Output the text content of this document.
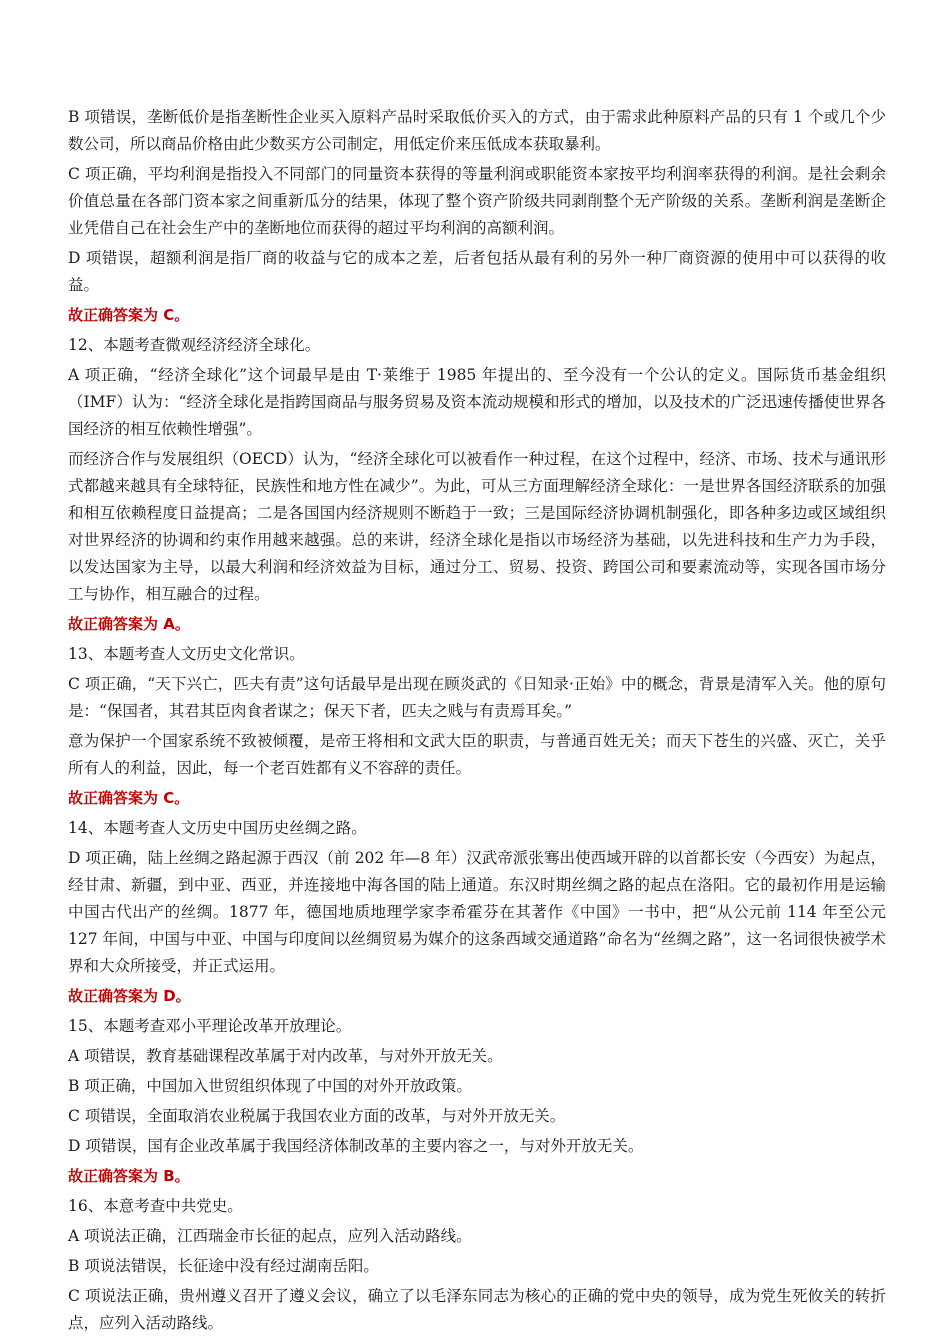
B 项错误，垄断低价是指垄断性企业买入原料产品时采取低价买入的方式，由于需求此种原料产品的只有 1 个或几个少数公司，所以商品价格由此少数买方公司制定，用低定价来压低成本获取暴利。

C 项正确，平均利润是指投入不同部门的同量资本获得的等量利润或职能资本家按平均利润率获得的利润。是社会剩余价值总量在各部门资本家之间重新瓜分的结果，体现了整个资产阶级共同剥削整个无产阶级的关系。垄断利润是垄断企业凭借自己在社会生产中的垄断地位而获得的超过平均利润的高额利润。

D 项错误，超额利润是指厂商的收益与它的成本之差，后者包括从最有利的另外一种厂商资源的使用中可以获得的收益。

故正确答案为 C。

12、本题考查微观经济经济全球化。

A 项正确，“经济全球化”这个词最早是由 T·莱维于 1985 年提出的、至今没有一个公认的定义。国际货币基金组织（IMF）认为：“经济全球化是指跨国商品与服务贸易及资本流动规模和形式的增加，以及技术的广泛迅速传播使世界各国经济的相互依赖性增强”。

而经济合作与发展组织（OECD）认为，“经济全球化可以被看作一种过程，在这个过程中，经济、市场、技术与通讯形式都越来越具有全球特征，民族性和地方性在减少”。为此，可从三方面理解经济全球化：一是世界各国经济联系的加强和相互依赖程度日益提高；二是各国国内经济规则不断趋于一致；三是国际经济协调机制强化，即各种多边或区域组织对世界经济的协调和约束作用越来越强。总的来讲，经济全球化是指以市场经济为基础，以先进科技和生产力为手段，以发达国家为主导，以最大利润和经济效益为目标，通过分工、贸易、投资、跨国公司和要素流动等，实现各国市场分工与协作，相互融合的过程。

故正确答案为 A。

13、本题考查人文历史文化常识。

C 项正确，“天下兴亡，匹夫有责”这句话最早是出现在顾炎武的《日知录·正始》中的概念，背景是清军入关。他的原句是：“保国者，其君其臣肉食者谋之；保天下者，匹夫之贱与有责焉耳矣。”

意为保护一个国家系统不致被倾覆，是帝王将相和文武大臣的职责，与普通百姓无关；而天下苍生的兴盛、灭亡，关乎所有人的利益，因此，每一个老百姓都有义不容辞的责任。

故正确答案为 C。

14、本题考查人文历史中国历史丝绸之路。

D 项正确，陆上丝绸之路起源于西汉（前 202 年—8 年）汉武帝派张骞出使西域开辟的以首都长安（今西安）为起点，经甘肃、新疆，到中亚、西亚，并连接地中海各国的陆上通道。东汉时期丝绸之路的起点在洛阳。它的最初作用是运输中国古代出产的丝绸。1877 年，德国地质地理学家李希霍芬在其著作《中国》一书中，把“从公元前 114 年至公元 127 年间，中国与中亚、中国与印度间以丝绸贸易为媒介的这条西域交通道路”命名为“丝绸之路”，这一名词很快被学术界和大众所接受，并正式运用。

故正确答案为 D。

15、本题考查邓小平理论改革开放理论。

A 项错误，教育基础课程改革属于对内改革，与对外开放无关。

B 项正确，中国加入世贸组织体现了中国的对外开放政策。

C 项错误，全面取消农业税属于我国农业方面的改革，与对外开放无关。

D 项错误，国有企业改革属于我国经济体制改革的主要内容之一，与对外开放无关。

故正确答案为 B。

16、本意考查中共党史。

A 项说法正确，江西瑞金市长征的起点，应列入活动路线。

B 项说法错误，长征途中没有经过湖南岳阳。

C 项说法正确，贵州遵义召开了遵义会议，确立了以毛泽东同志为核心的正确的党中央的领导，成为党生死攸关的转折点，应列入活动路线。
